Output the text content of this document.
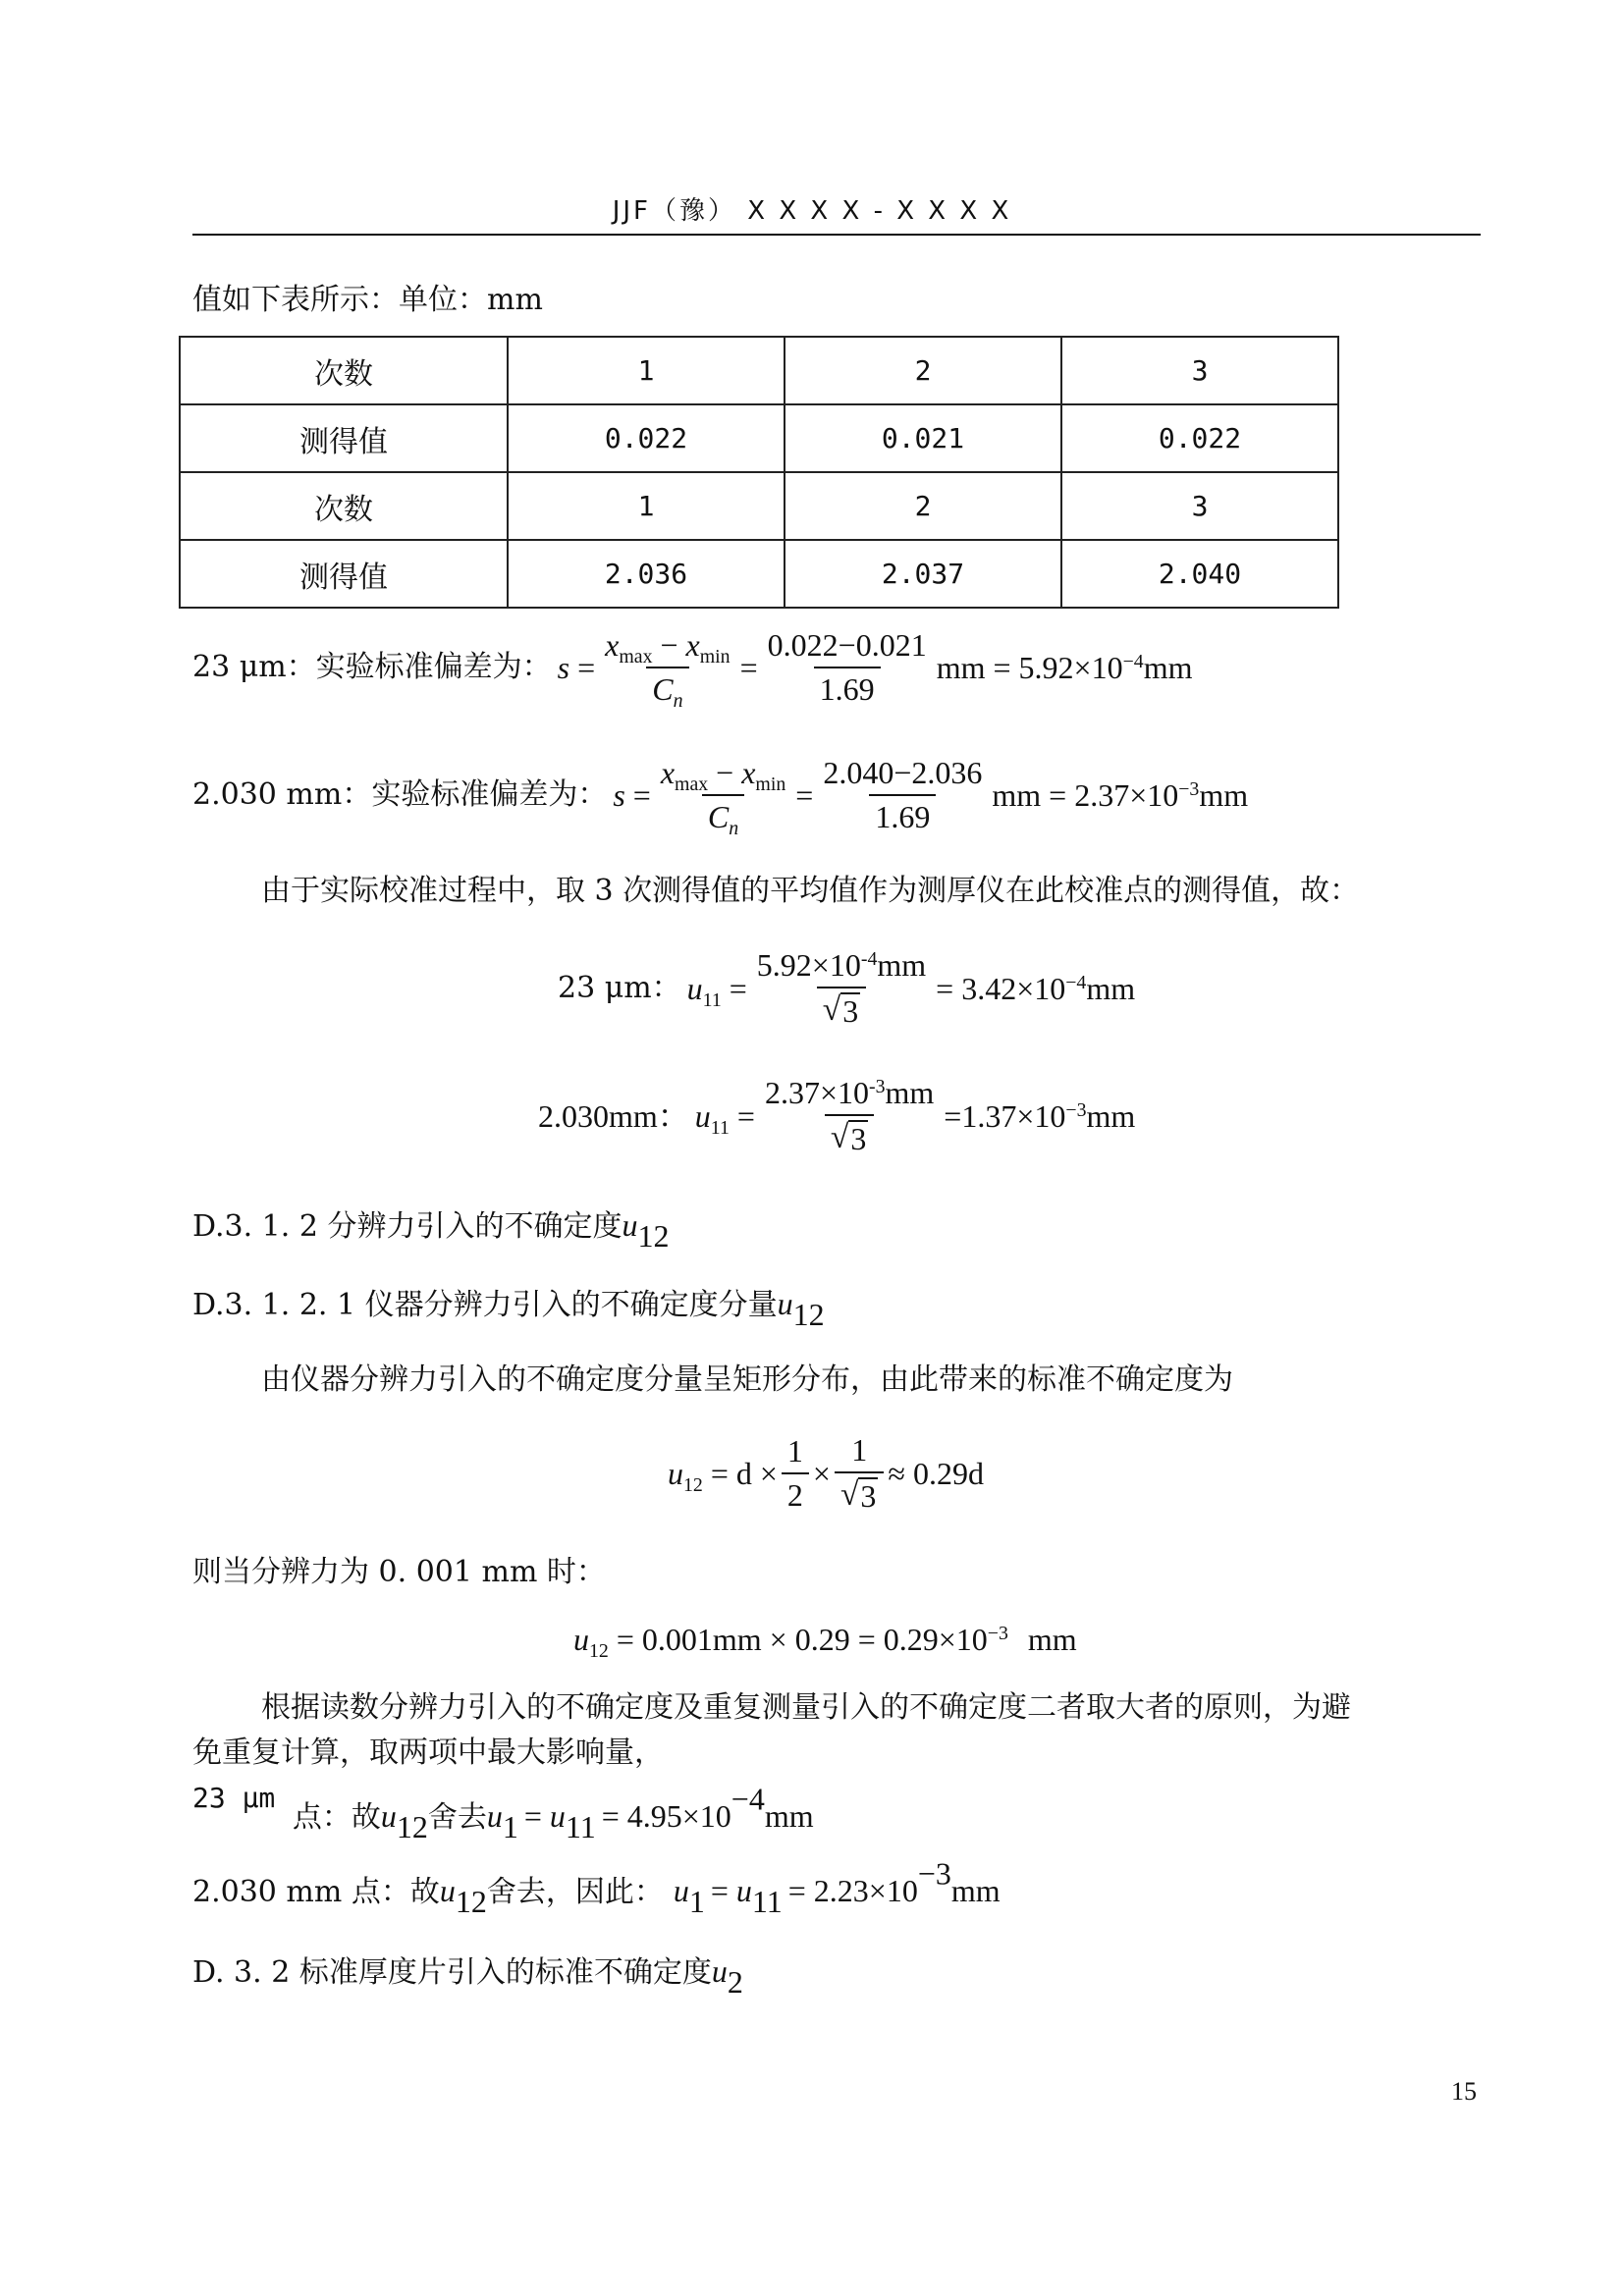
JJF（豫） X X X X - X X X X
值如下表所示：单位：mm
次数	1	2	3
测得值	0.022	0.021	0.022
次数	1	2	3
测得值	2.036	2.037	2.040
23 μm：实验标准偏差为： $s = \frac{x_{max} - x_{min}}{C_n} = \frac{0.022-0.021}{1.69}$ mm = $5.92\times 10^{-4}mm$
2.030 mm：实验标准偏差为： $s = \frac{x_{max} - x_{min}}{C_n} = \frac{2.040-2.036}{1.69}$ mm = $2.37\times 10^{-3}mm$
由于实际校准过程中，取 3 次测得值的平均值作为测厚仪在此校准点的测得值，故：
23 μm： $u_{11} = \frac{5.92\times 10^{-4}mm}{√ 3} = 3.42\times 10^{-4}mm$
2.030mm： $u_{11} = \frac{2.37\times 10^{-3}mm}{√ 3} =1.37\times 10^{-3}mm$
D.3. 1. 2 分辨力引入的不确定度$u_{12}$
D.3. 1. 2. 1 仪器分辨力引入的不确定度分量$u_{12}$
由仪器分辨力引入的不确定度分量呈矩形分布，由此带来的标准不确定度为
$u_{12} = d \times \frac{1}{2} \times \frac{1}{√ 3} \approx 0.29d$
则当分辨力为 0. 001 mm 时：
$u_{12} = 0.001mm \times 0.29 = 0.29\times 10^{-3}$ mm
根据读数分辨力引入的不确定度及重复测量引入的不确定度二者取大者的原则，为避
免重复计算，取两项中最大影响量，
23 μm 点：故$u_{12}$舍去$u_1 = u_{11} = 4.95\times 10^{-4}mm$
2.030 mm 点：故$u_{12}$舍去，因此： $u_1 = u_{11} = 2.23\times 10^{-3}mm$
D. 3. 2 标准厚度片引入的标准不确定度$u_2$
15
